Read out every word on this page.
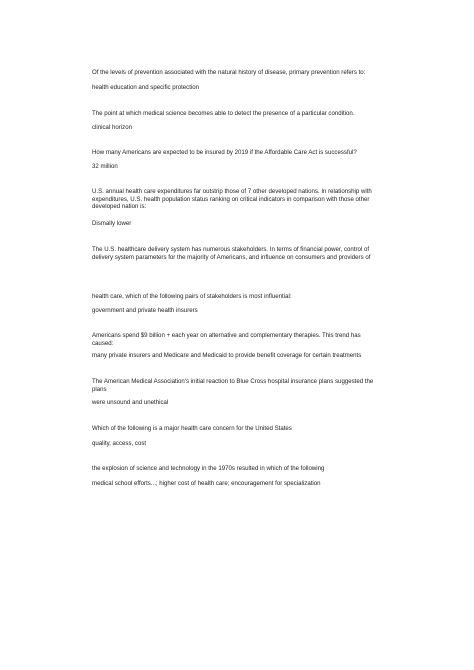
Of the levels of prevention associated with the natural history of disease, primary prevention refers to:

health education and specific protection

The point at which medical science becomes able to detect the presence of a particular condition.

clinical horizon

How many Americans are expected to be insured by 2019 if the Affordable Care Act is successful?

32 million

U.S. annual health care expenditures far outstrip those of 7 other developed nations. In relationship with expenditures, U.S. health population status ranking on critical indicators in comparison with those other developed nation is:

Dismally lower

The U.S. healthcare delivery system has numerous stakeholders. In terms of financial power, control of delivery system parameters for the majority of Americans, and influence on consumers and providers of

health care, which of the following pairs of stakeholders is most influential:

government and private health insurers

Americans spend $9 billion + each year on alternative and complementary therapies. This trend has caused:

many private insurers and Medicare and Medicaid to provide benefit coverage for certain treatments

The American Medical Association's initial reaction to Blue Cross hospital insurance plans suggested the plans

were unsound and unethical

Which of the following is a major health care concern for the United States

quality, access, cost

the explosion of science and technology in the 1970s resulted in which of the following

medical school efforts...; higher cost of health care; encouragement for specialization
